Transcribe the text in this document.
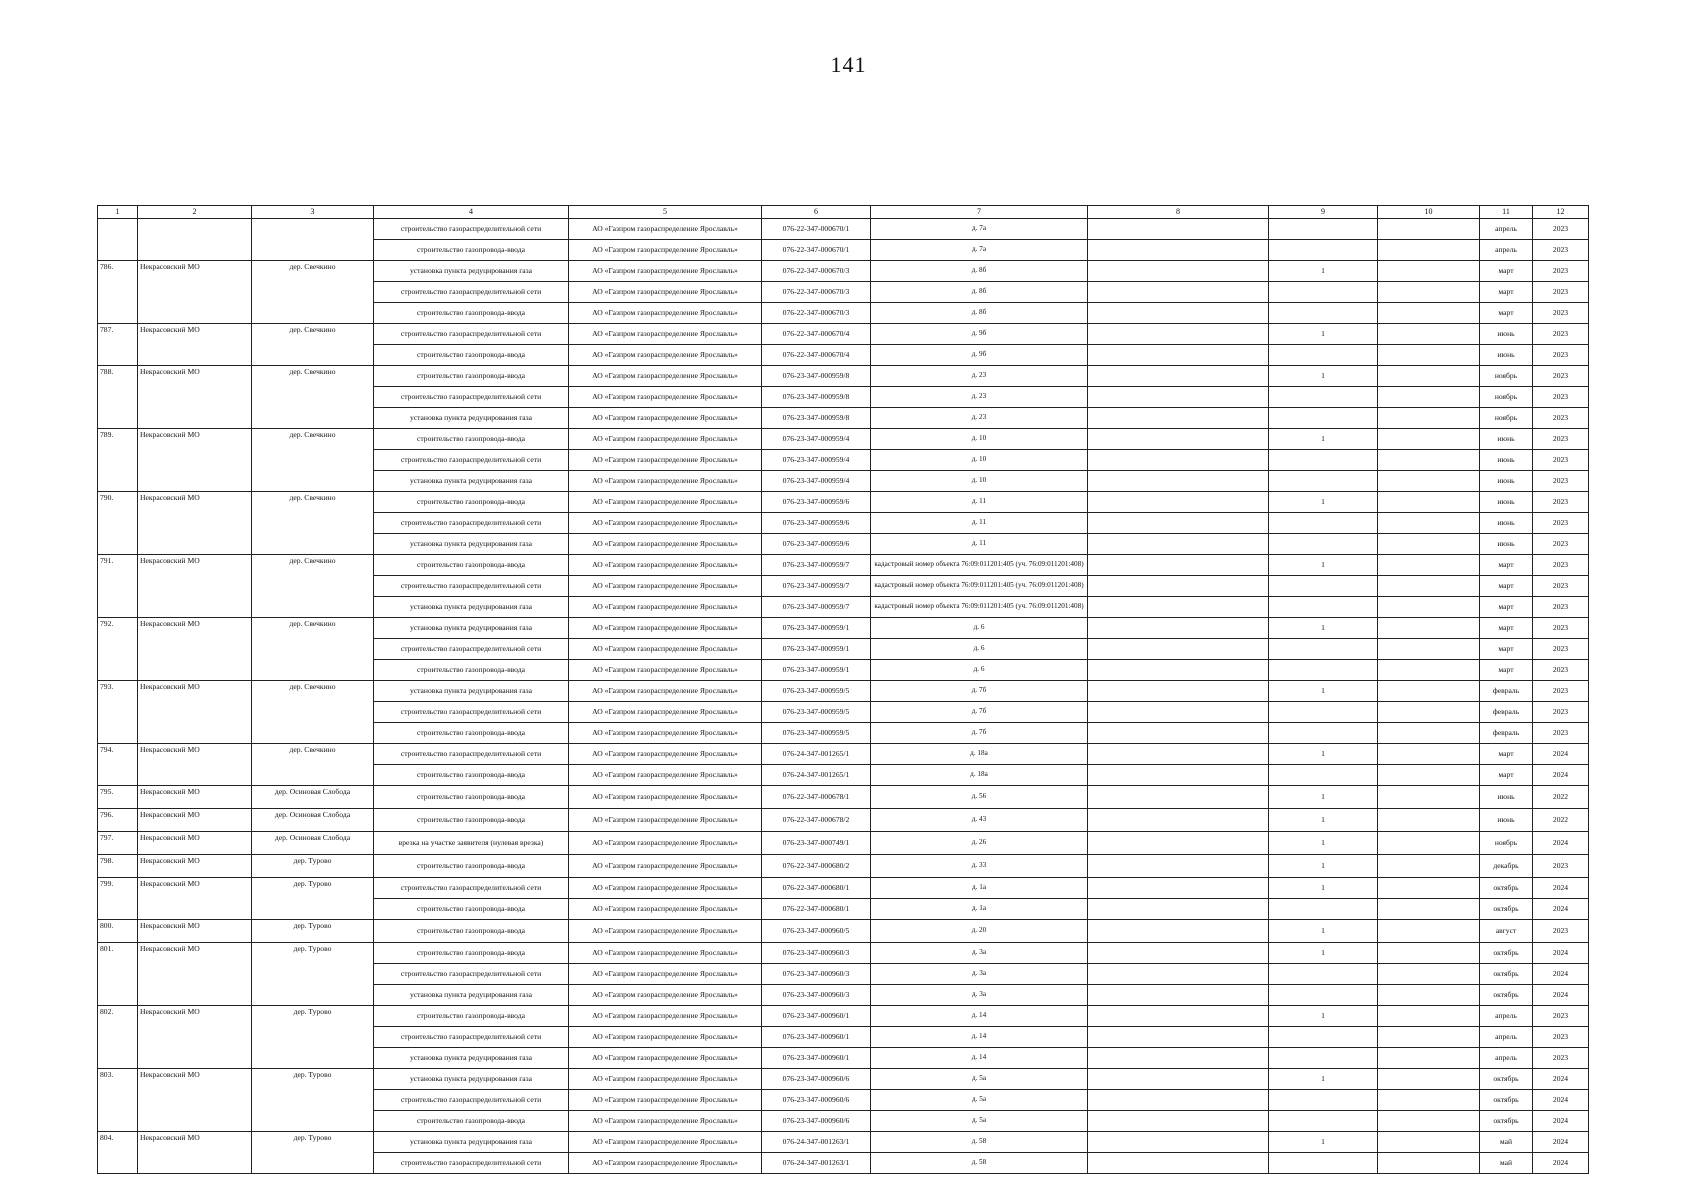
141
1	2	3	4	5	6	7	8	9	10	11	12
			строительство газораспределительной сети	АО «Газпром газораспределение Ярославль»	076-22-347-000670/1	д. 7а				апрель	2023
			строительство газопровода-ввода	АО «Газпром газораспределение Ярославль»	076-22-347-000670/1	д. 7а				апрель	2023
786.	Некрасовский МО	дер. Свечкино	установка пункта редуцирования газа	АО «Газпром газораспределение Ярославль»	076-22-347-000670/3	д. 8б		1		март	2023
			строительство газораспределительной сети	АО «Газпром газораспределение Ярославль»	076-22-347-000670/3	д. 8б				март	2023
			строительство газопровода-ввода	АО «Газпром газораспределение Ярославль»	076-22-347-000670/3	д. 8б				март	2023
787.	Некрасовский МО	дер. Свечкино	строительство газораспределительной сети	АО «Газпром газораспределение Ярославль»	076-22-347-000670/4	д. 9б		1		июнь	2023
			строительство газопровода-ввода	АО «Газпром газораспределение Ярославль»	076-22-347-000670/4	д. 9б				июнь	2023
788.	Некрасовский МО	дер. Свечкино	строительство газопровода-ввода	АО «Газпром газораспределение Ярославль»	076-23-347-000959/8	д. 23		1		ноябрь	2023
			строительство газораспределительной сети	АО «Газпром газораспределение Ярославль»	076-23-347-000959/8	д. 23				ноябрь	2023
			установка пункта редуцирования газа	АО «Газпром газораспределение Ярославль»	076-23-347-000959/8	д. 23				ноябрь	2023
789.	Некрасовский МО	дер. Свечкино	строительство газопровода-ввода	АО «Газпром газораспределение Ярославль»	076-23-347-000959/4	д. 10		1		июнь	2023
			строительство газораспределительной сети	АО «Газпром газораспределение Ярославль»	076-23-347-000959/4	д. 10				июнь	2023
			установка пункта редуцирования газа	АО «Газпром газораспределение Ярославль»	076-23-347-000959/4	д. 10				июнь	2023
790.	Некрасовский МО	дер. Свечкино	строительство газопровода-ввода	АО «Газпром газораспределение Ярославль»	076-23-347-000959/6	д. 11		1		июнь	2023
			строительство газораспределительной сети	АО «Газпром газораспределение Ярославль»	076-23-347-000959/6	д. 11				июнь	2023
			установка пункта редуцирования газа	АО «Газпром газораспределение Ярославль»	076-23-347-000959/6	д. 11				июнь	2023
791.	Некрасовский МО	дер. Свечкино	строительство газопровода-ввода	АО «Газпром газораспределение Ярославль»	076-23-347-000959/7	кадастровый номер объекта 76:09:011201:405 (уч. 76:09:011201:408)		1		март	2023
			строительство газораспределительной сети	АО «Газпром газораспределение Ярославль»	076-23-347-000959/7	кадастровый номер объекта 76:09:011201:405 (уч. 76:09:011201:408)				март	2023
			установка пункта редуцирования газа	АО «Газпром газораспределение Ярославль»	076-23-347-000959/7	кадастровый номер объекта 76:09:011201:405 (уч. 76:09:011201:408)				март	2023
792.	Некрасовский МО	дер. Свечкино	установка пункта редуцирования газа	АО «Газпром газораспределение Ярославль»	076-23-347-000959/1	д. 6		1		март	2023
			строительство газораспределительной сети	АО «Газпром газораспределение Ярославль»	076-23-347-000959/1	д. 6				март	2023
			строительство газопровода-ввода	АО «Газпром газораспределение Ярославль»	076-23-347-000959/1	д. 6				март	2023
793.	Некрасовский МО	дер. Свечкино	установка пункта редуцирования газа	АО «Газпром газораспределение Ярославль»	076-23-347-000959/5	д. 7б		1		февраль	2023
			строительство газораспределительной сети	АО «Газпром газораспределение Ярославль»	076-23-347-000959/5	д. 7б				февраль	2023
			строительство газопровода-ввода	АО «Газпром газораспределение Ярославль»	076-23-347-000959/5	д. 7б				февраль	2023
794.	Некрасовский МО	дер. Свечкино	строительство газораспределительной сети	АО «Газпром газораспределение Ярославль»	076-24-347-001265/1	д. 18а		1		март	2024
			строительство газопровода-ввода	АО «Газпром газораспределение Ярославль»	076-24-347-001265/1	д. 18а				март	2024
795.	Некрасовский МО	дер. Осиновая Слобода	строительство газопровода-ввода	АО «Газпром газораспределение Ярославль»	076-22-347-000678/1	д. 56		1		июнь	2022
796.	Некрасовский МО	дер. Осиновая Слобода	строительство газопровода-ввода	АО «Газпром газораспределение Ярославль»	076-22-347-000678/2	д. 43		1		июнь	2022
797.	Некрасовский МО	дер. Осиновая Слобода	врезка на участке заявителя (нулевая врезка)	АО «Газпром газораспределение Ярославль»	076-23-347-000749/1	д. 26		1		ноябрь	2024
798.	Некрасовский МО	дер. Турово	строительство газопровода-ввода	АО «Газпром газораспределение Ярославль»	076-22-347-000680/2	д. 33		1		декабрь	2023
799.	Некрасовский МО	дер. Турово	строительство газораспределительной сети	АО «Газпром газораспределение Ярославль»	076-22-347-000680/1	д. 1а		1		октябрь	2024
			строительство газопровода-ввода	АО «Газпром газораспределение Ярославль»	076-22-347-000680/1	д. 1а				октябрь	2024
800.	Некрасовский МО	дер. Турово	строительство газопровода-ввода	АО «Газпром газораспределение Ярославль»	076-23-347-000960/5	д. 20		1		август	2023
801.	Некрасовский МО	дер. Турово	строительство газопровода-ввода	АО «Газпром газораспределение Ярославль»	076-23-347-000960/3	д. 3а		1		октябрь	2024
			строительство газораспределительной сети	АО «Газпром газораспределение Ярославль»	076-23-347-000960/3	д. 3а				октябрь	2024
			установка пункта редуцирования газа	АО «Газпром газораспределение Ярославль»	076-23-347-000960/3	д. 3а				октябрь	2024
802.	Некрасовский МО	дер. Турово	строительство газопровода-ввода	АО «Газпром газораспределение Ярославль»	076-23-347-000960/1	д. 14		1		апрель	2023
			строительство газораспределительной сети	АО «Газпром газораспределение Ярославль»	076-23-347-000960/1	д. 14				апрель	2023
			установка пункта редуцирования газа	АО «Газпром газораспределение Ярославль»	076-23-347-000960/1	д. 14				апрель	2023
803.	Некрасовский МО	дер. Турово	установка пункта редуцирования газа	АО «Газпром газораспределение Ярославль»	076-23-347-000960/6	д. 5а		1		октябрь	2024
			строительство газораспределительной сети	АО «Газпром газораспределение Ярославль»	076-23-347-000960/6	д. 5а				октябрь	2024
			строительство газопровода-ввода	АО «Газпром газораспределение Ярославль»	076-23-347-000960/6	д. 5а				октябрь	2024
804.	Некрасовский МО	дер. Турово	установка пункта редуцирования газа	АО «Газпром газораспределение Ярославль»	076-24-347-001263/1	д. 58		1		май	2024
			строительство газораспределительной сети	АО «Газпром газораспределение Ярославль»	076-24-347-001263/1	д. 58				май	2024
